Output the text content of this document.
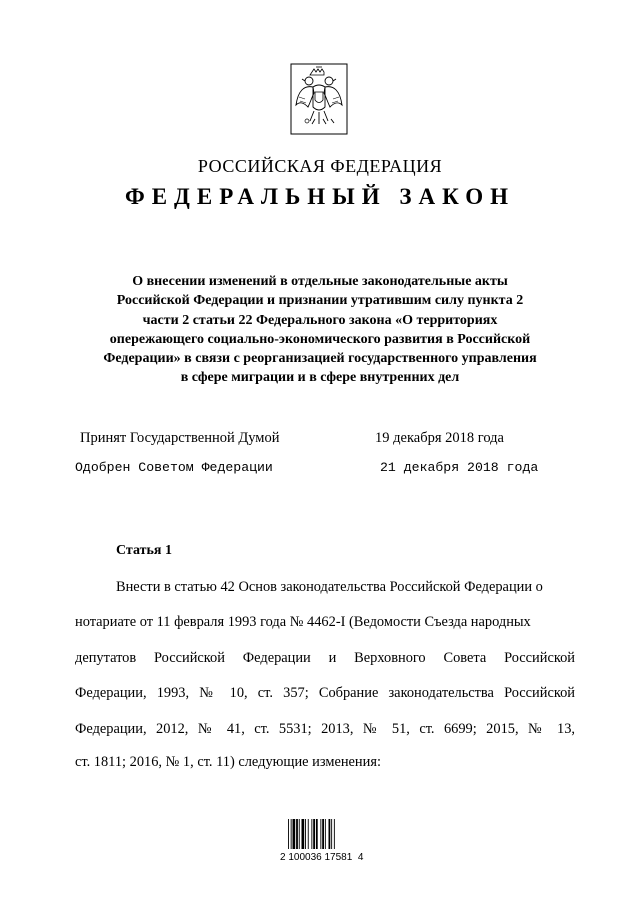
РОССИЙСКАЯ ФЕДЕРАЦИЯ
ФЕДЕРАЛЬНЫЙ ЗАКОН
О внесении изменений в отдельные законодательные акты
Российской Федерации и признании утратившим силу пункта 2
части 2 статьи 22 Федерального закона «О территориях
опережающего социально-экономического развития в Российской
Федерации» в связи с реорганизацией государственного управления
в сфере миграции и в сфере внутренних дел
Принят Государственной Думой	19 декабря 2018 года
Одобрен Советом Федерации	21 декабря 2018 года
Статья 1
Внести в статью 42 Основ законодательства Российской Федерации о
нотариате от 11 февраля 1993 года № 4462-I (Ведомости Съезда народных
депутатов Российской Федерации и Верховного Совета Российской
Федерации, 1993, № 10, ст. 357; Собрание законодательства Российской
Федерации, 2012, № 41, ст. 5531; 2013, № 51, ст. 6699; 2015, № 13,
ст. 1811; 2016, № 1, ст. 11) следующие изменения:
2 100036 17581  4
